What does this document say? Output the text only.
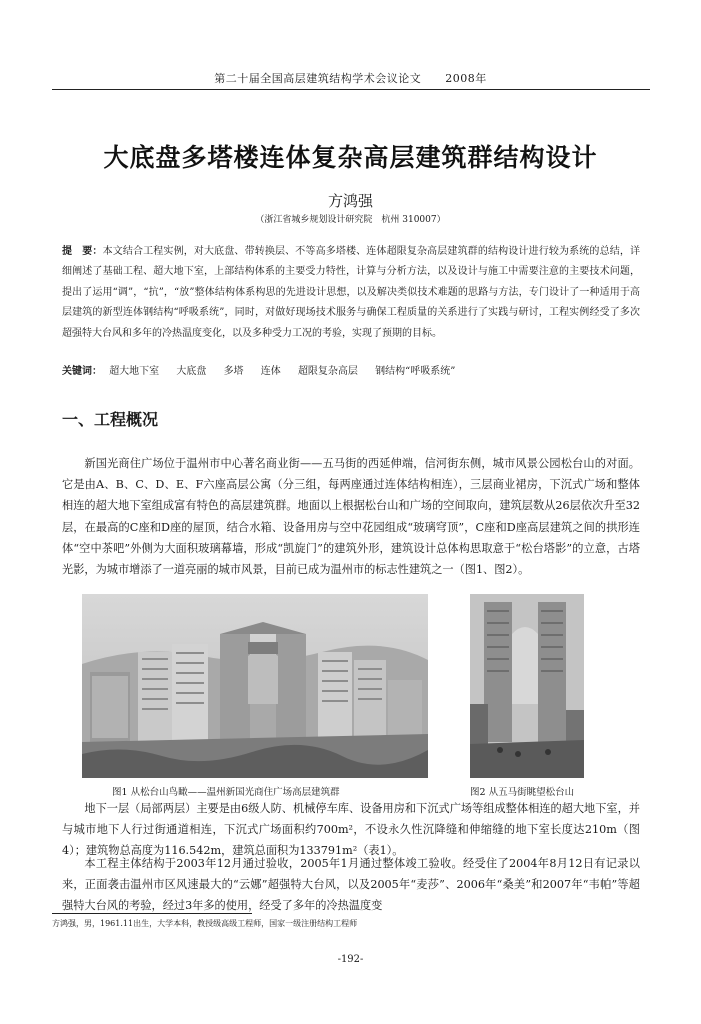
第二十届全国高层建筑结构学术会议论文 2008年
大底盘多塔楼连体复杂高层建筑群结构设计
方鸿强
（浙江省城乡规划设计研究院　杭州 310007）
提　要：本文结合工程实例，对大底盘、带转换层、不等高多塔楼、连体超限复杂高层建筑群的结构设计进行较为系统的总结，详细阐述了基础工程、超大地下室，上部结构体系的主要受力特性，计算与分析方法，以及设计与施工中需要注意的主要技术问题，提出了运用“调”，“抗”，“放”整体结构体系构思的先进设计思想，以及解决类似技术难题的思路与方法，专门设计了一种适用于高层建筑的新型连体钢结构“呼吸系统”，同时，对做好现场技术服务与确保工程质量的关系进行了实践与研讨，工程实例经受了多次超强特大台风和多年的冷热温度变化，以及多种受力工况的考验，实现了预期的目标。
关键词： 超大地下室 大底盘 多塔 连体 超限复杂高层 钢结构“呼吸系统”
一、工程概况
新国光商住广场位于温州市中心著名商业街——五马街的西延伸端，信河街东侧，城市风景公园松台山的对面。它是由A、B、C、D、E、F六座高层公寓（分三组，每两座通过连体结构相连），三层商业裙房，下沉式广场和整体相连的超大地下室组成富有特色的高层建筑群。地面以上根据松台山和广场的空间取向，建筑层数从26层依次升至32层，在最高的C座和D座的屋顶，结合水箱、设备用房与空中花园组成“玻璃穹顶”，C座和D座高层建筑之间的拱形连体“空中茶吧”外侧为大面积玻璃幕墙，形成“凯旋门”的建筑外形，建筑设计总体构思取意于“松台塔影”的立意，古塔光影，为城市增添了一道亮丽的城市风景，目前已成为温州市的标志性建筑之一（图1、图2）。
图1 从松台山鸟瞰——温州新国光商住广场高层建筑群	图2 从五马街眺望松台山
地下一层（局部两层）主要是由6级人防、机械停车库、设备用房和下沉式广场等组成整体相连的超大地下室，并与城市地下人行过街通道相连，下沉式广场面积约700m²，不设永久性沉降缝和伸缩缝的地下室长度达210m（图4）；建筑物总高度为116.542m，建筑总面积为133791m²（表1）。
本工程主体结构于2003年12月通过验收，2005年1月通过整体竣工验收。经受住了2004年8月12日有记录以来，正面袭击温州市区风速最大的“云娜”超强特大台风，以及2005年“麦莎”、2006年“桑美”和2007年“韦帕”等超强特大台风的考验，经过3年多的使用，经受了多年的冷热温度变
方鸿强，男，1961.11出生，大学本科，教授级高级工程师，国家一级注册结构工程师
-192-
